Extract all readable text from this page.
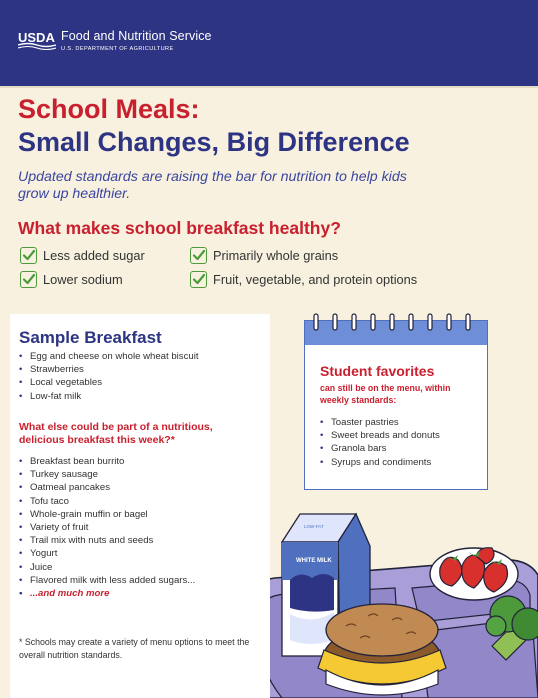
USDA Food and Nutrition Service
U.S. DEPARTMENT OF AGRICULTURE
School Meals:
Small Changes, Big Difference
Updated standards are raising the bar for nutrition to help kids grow up healthier.
What makes school breakfast healthy?
Less added sugar	Primarily whole grains
Lower sodium	Fruit, vegetable, and protein options
WHITE MILK
LOW-FAT
Sample Breakfast
• Egg and cheese on whole wheat biscuit
• Strawberries
• Local vegetables
• Low-fat milk
What else could be part of a nutritious, delicious breakfast this week?*
• Breakfast bean burrito
• Turkey sausage
• Oatmeal pancakes
• Tofu taco
• Whole-grain muffin or bagel
• Variety of fruit
• Trail mix with nuts and seeds
• Yogurt
• Juice
• Flavored milk with less added sugars...
• ...and much more
* Schools may create a variety of menu options to meet the overall nutrition standards.
Student favorites
can still be on the menu, within weekly standards:
• Toaster pastries
• Sweet breads and donuts
• Granola bars
• Syrups and condiments
